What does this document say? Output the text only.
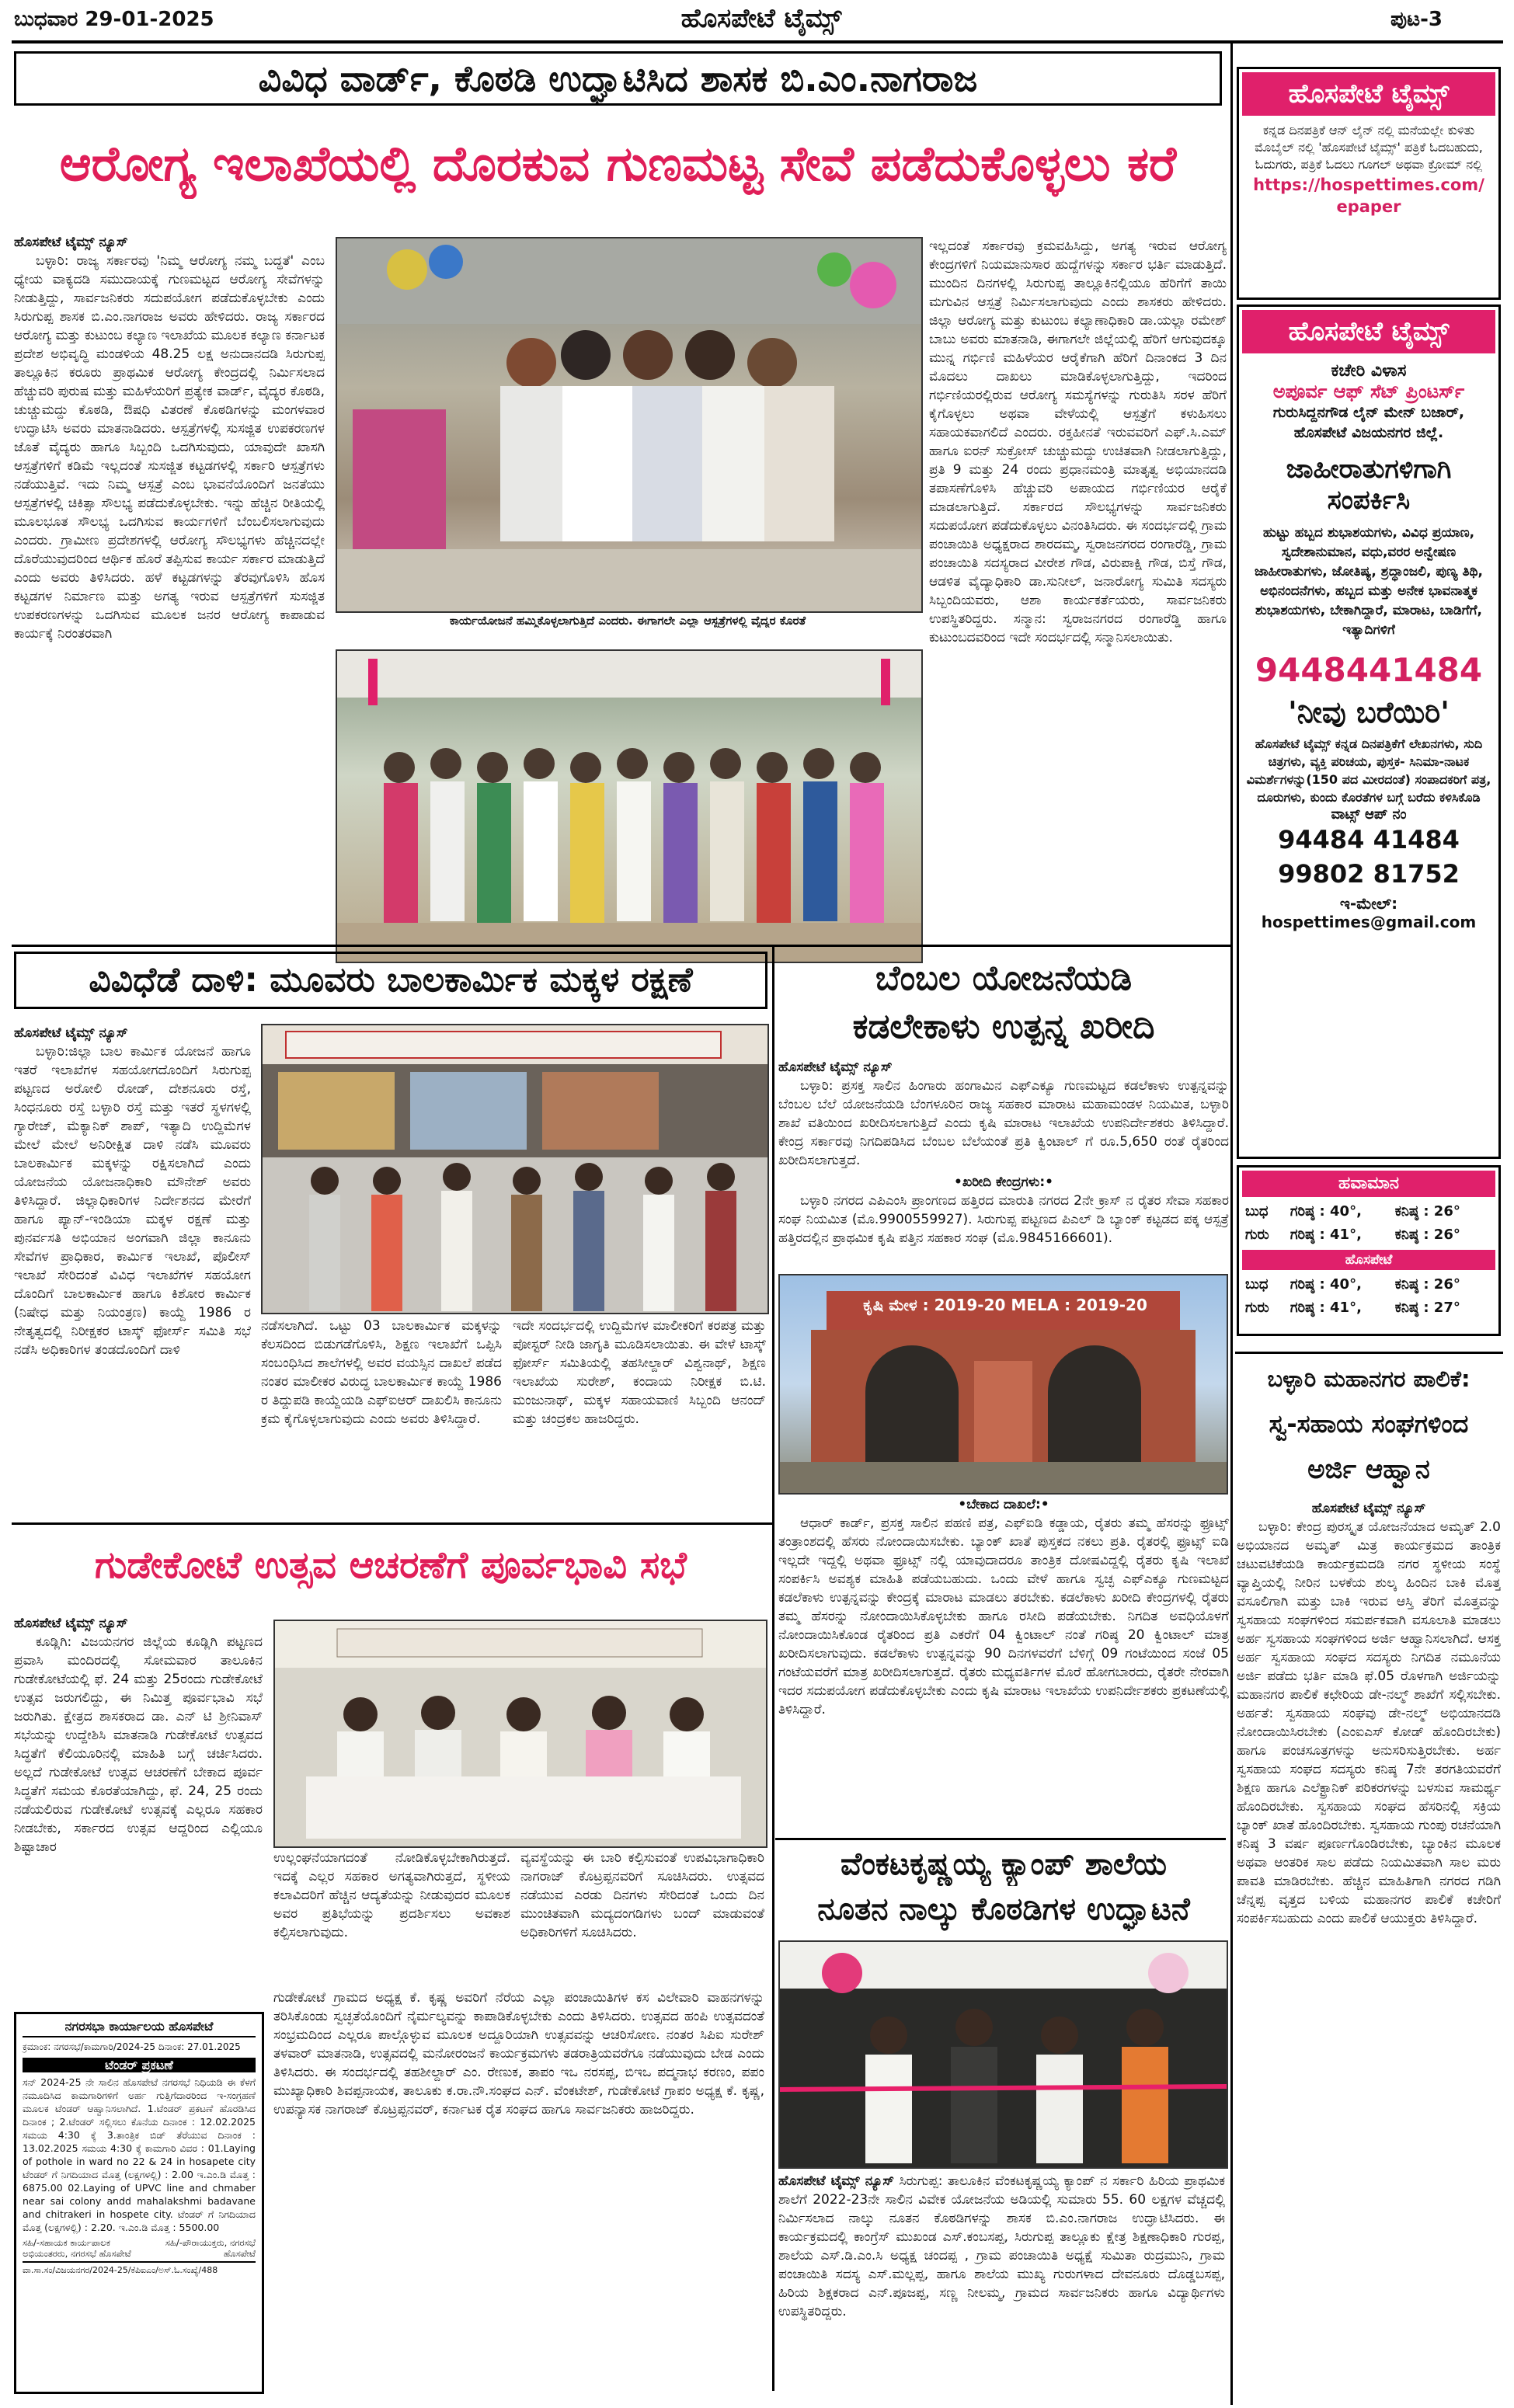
ಬುಧವಾರ 29-01-2025	ಹೊಸಪೇಟೆ ಟೈಮ್ಸ್	ಪುಟ-3
ವಿವಿಧ ವಾರ್ಡ್, ಕೊಠಡಿ ಉದ್ಘಾಟಿಸಿದ ಶಾಸಕ ಬಿ.ಎಂ.ನಾಗರಾಜ
ಆರೋಗ್ಯ ಇಲಾಖೆಯಲ್ಲಿ ದೊರಕುವ ಗುಣಮಟ್ಟ ಸೇವೆ ಪಡೆದುಕೊಳ್ಳಲು ಕರೆ
ಹೊಸಪೇಟೆ ಟೈಮ್ಸ್ ನ್ಯೂಸ್

ಬಳ್ಳಾರಿ: ರಾಜ್ಯ ಸರ್ಕಾರವು 'ನಿಮ್ಮ ಆರೋಗ್ಯ ನಮ್ಮ ಬದ್ಧತೆ' ಎಂಬ ಧ್ಯೇಯ ವಾಕ್ಯದಡಿ ಸಮುದಾಯಕ್ಕೆ ಗುಣಮಟ್ಟದ ಆರೋಗ್ಯ ಸೇವೆಗಳನ್ನು ನೀಡುತ್ತಿದ್ದು, ಸಾರ್ವಜನಿಕರು ಸದುಪಯೋಗ ಪಡೆದುಕೊಳ್ಳಬೇಕು ಎಂದು ಸಿರುಗುಪ್ಪ ಶಾಸಕ ಬಿ.ಎಂ.ನಾಗರಾಜ ಅವರು ಹೇಳಿದರು. ರಾಜ್ಯ ಸರ್ಕಾರದ ಆರೋಗ್ಯ ಮತ್ತು ಕುಟುಂಬ ಕಲ್ಯಾಣ ಇಲಾಖೆಯ ಮೂಲಕ ಕಲ್ಯಾಣ ಕರ್ನಾಟಕ ಪ್ರದೇಶ ಅಭಿವೃದ್ಧಿ ಮಂಡಳಿಯ 48.25 ಲಕ್ಷ ಅನುದಾನದಡಿ ಸಿರುಗುಪ್ಪ ತಾಲ್ಲೂಕಿನ ಕರೂರು ಪ್ರಾಥಮಿಕ ಆರೋಗ್ಯ ಕೇಂದ್ರದಲ್ಲಿ ನಿರ್ಮಿಸಲಾದ ಹೆಚ್ಚುವರಿ ಪುರುಷ ಮತ್ತು ಮಹಿಳೆಯರಿಗೆ ಪ್ರತ್ಯೇಕ ವಾರ್ಡ್, ವೈದ್ಯರ ಕೊಠಡಿ, ಚುಚ್ಚುಮದ್ದು ಕೊಠಡಿ, ಔಷಧಿ ವಿತರಣೆ ಕೊಠಡಿಗಳನ್ನು ಮಂಗಳವಾರ ಉದ್ಘಾಟಿಸಿ ಅವರು ಮಾತನಾಡಿದರು. ಆಸ್ಪತ್ರೆಗಳಲ್ಲಿ ಸುಸಜ್ಜಿತ ಉಪಕರಣಗಳ ಜೊತೆ ವೈದ್ಯರು ಹಾಗೂ ಸಿಬ್ಬಂದಿ ಒದಗಿಸುವುದು, ಯಾವುದೇ ಖಾಸಗಿ ಆಸ್ಪತ್ರೆಗಳಿಗೆ ಕಡಿಮೆ ಇಲ್ಲದಂತೆ ಸುಸಜ್ಜಿತ ಕಟ್ಟಡಗಳಲ್ಲಿ ಸರ್ಕಾರಿ ಆಸ್ಪತ್ರೆಗಳು ನಡೆಯುತ್ತಿವೆ. ಇದು ನಿಮ್ಮ ಆಸ್ಪತ್ರೆ ಎಂಬ ಭಾವನೆಯೊಂದಿಗೆ ಜನತೆಯು ಆಸ್ಪತ್ರೆಗಳಲ್ಲಿ ಚಿಕಿತ್ಸಾ ಸೌಲಭ್ಯ ಪಡೆದುಕೊಳ್ಳಬೇಕು. ಇನ್ನು ಹೆಚ್ಚಿನ ರೀತಿಯಲ್ಲಿ ಮೂಲಭೂತ ಸೌಲಭ್ಯ ಒದಗಿಸುವ ಕಾರ್ಯಗಳಿಗೆ ಬೆಂಬಲಿಸಲಾಗುವುದು ಎಂದರು. ಗ್ರಾಮೀಣ ಪ್ರದೇಶಗಳಲ್ಲಿ ಆರೋಗ್ಯ ಸೌಲಭ್ಯಗಳು ಹೆಚ್ಚಿನದಲ್ಲೇ ದೊರೆಯುವುದರಿಂದ ಆರ್ಥಿಕ ಹೊರೆ ತಪ್ಪಿಸುವ ಕಾರ್ಯ ಸರ್ಕಾರ ಮಾಡುತ್ತಿದೆ ಎಂದು ಅವರು ತಿಳಿಸಿದರು. ಹಳೆ ಕಟ್ಟಡಗಳನ್ನು ತೆರವುಗೊಳಿಸಿ ಹೊಸ ಕಟ್ಟಡಗಳ ನಿರ್ಮಾಣ ಮತ್ತು ಅಗತ್ಯ ಇರುವ ಆಸ್ಪತ್ರೆಗಳಿಗೆ ಸುಸಜ್ಜಿತ ಉಪಕರಣಗಳನ್ನು ಒದಗಿಸುವ ಮೂಲಕ ಜನರ ಆರೋಗ್ಯ ಕಾಪಾಡುವ ಕಾರ್ಯಕ್ಕೆ ನಿರಂತರವಾಗಿ

ಕಾರ್ಯಯೋಜನೆ ಹಮ್ಮಿಕೊಳ್ಳಲಾಗುತ್ತಿದೆ ಎಂದರು. ಈಗಾಗಲೇ ಎಲ್ಲಾ ಆಸ್ಪತ್ರೆಗಳಲ್ಲಿ ವೈದ್ಯರ ಕೊರತೆ
ಇಲ್ಲದಂತೆ ಸರ್ಕಾರವು ಕ್ರಮವಹಿಸಿದ್ದು, ಅಗತ್ಯ ಇರುವ ಆರೋಗ್ಯ ಕೇಂದ್ರಗಳಿಗೆ ನಿಯಮಾನುಸಾರ ಹುದ್ದೆಗಳನ್ನು ಸರ್ಕಾರ ಭರ್ತಿ ಮಾಡುತ್ತಿದೆ. ಮುಂದಿನ ದಿನಗಳಲ್ಲಿ ಸಿರುಗುಪ್ಪ ತಾಲ್ಲೂಕಿನಲ್ಲಿಯೂ ಹೆರಿಗೆಗೆ ತಾಯಿ ಮಗುವಿನ ಆಸ್ಪತ್ರೆ ನಿರ್ಮಿಸಲಾಗುವುದು ಎಂದು ಶಾಸಕರು ಹೇಳಿದರು. ಜಿಲ್ಲಾ ಆರೋಗ್ಯ ಮತ್ತು ಕುಟುಂಬ ಕಲ್ಯಾಣಾಧಿಕಾರಿ ಡಾ.ಯಲ್ಲಾ ರಮೇಶ್ ಬಾಬು ಅವರು ಮಾತನಾಡಿ, ಈಗಾಗಲೇ ಜಿಲ್ಲೆಯಲ್ಲಿ ಹೆರಿಗೆ ಆಗುವುದಕ್ಕೂ ಮುನ್ನ ಗರ್ಭಿಣಿ ಮಹಿಳೆಯರ ಆರೈಕೆಗಾಗಿ ಹೆರಿಗೆ ದಿನಾಂಕದ 3 ದಿನ ಮೊದಲು ದಾಖಲು ಮಾಡಿಕೊಳ್ಳಲಾಗುತ್ತಿದ್ದು, ಇದರಿಂದ ಗರ್ಭಿಣಿಯರಲ್ಲಿರುವ ಆರೋಗ್ಯ ಸಮಸ್ಯೆಗಳನ್ನು ಗುರುತಿಸಿ ಸರಳ ಹೆರಿಗೆ ಕೈಗೊಳ್ಳಲು ಅಥವಾ ವೇಳೆಯಲ್ಲಿ ಆಸ್ಪತ್ರೆಗೆ ಕಳುಹಿಸಲು ಸಹಾಯಕವಾಗಲಿದೆ ಎಂದರು. ರಕ್ತಹೀನತೆ ಇರುವವರಿಗೆ ಎಫ್.ಸಿ.ಎಮ್ ಹಾಗೂ ಐರನ್ ಸುಕ್ರೋಸ್ ಚುಚ್ಚುಮದ್ದು ಉಚಿತವಾಗಿ ನೀಡಲಾಗುತ್ತಿದ್ದು, ಪ್ರತಿ 9 ಮತ್ತು 24 ರಂದು ಪ್ರಧಾನಮಂತ್ರಿ ಮಾತೃತ್ವ ಅಭಿಯಾನದಡಿ ತಪಾಸಣೆಗೊಳಿಸಿ ಹೆಚ್ಚುವರಿ ಅಪಾಯದ ಗರ್ಭಿಣಿಯರ ಆರೈಕೆ ಮಾಡಲಾಗುತ್ತಿದೆ. ಸರ್ಕಾರದ ಸೌಲಭ್ಯಗಳನ್ನು ಸಾರ್ವಜನಿಕರು ಸದುಪಯೋಗ ಪಡೆದುಕೊಳ್ಳಲು ವಿನಂತಿಸಿದರು. ಈ ಸಂದರ್ಭದಲ್ಲಿ ಗ್ರಾಮ ಪಂಚಾಯಿತಿ ಅಧ್ಯಕ್ಷರಾದ ಶಾರದಮ್ಮ, ಸ್ವರಾಜನಗರದ ರಂಗಾರೆಡ್ಡಿ, ಗ್ರಾಮ ಪಂಚಾಯಿತಿ ಸದಸ್ಯರಾದ ವೀರೇಶ ಗೌಡ, ವಿರುಪಾಕ್ಷಿ ಗೌಡ, ಬಿಸ್ತೆ ಗೌಡ, ಆಡಳಿತ ವೈದ್ಯಾಧಿಕಾರಿ ಡಾ.ಸುನೀಲ್, ಜನಾರೋಗ್ಯ ಸುಮಿತಿ ಸದಸ್ಯರು ಸಿಬ್ಬಂದಿಯವರು, ಆಶಾ ಕಾರ್ಯಕರ್ತೆಯರು, ಸಾರ್ವಜನಿಕರು ಉಪಸ್ಥಿತರಿದ್ದರು. ಸನ್ಮಾನ: ಸ್ವರಾಜನಗರದ ರಂಗಾರೆಡ್ಡಿ ಹಾಗೂ ಕುಟುಂಬದವರಿಂದ ಇದೇ ಸಂದರ್ಭದಲ್ಲಿ ಸನ್ಮಾನಿಸಲಾಯಿತು.
ವಿವಿಧೆಡೆ ದಾಳಿ: ಮೂವರು ಬಾಲಕಾರ್ಮಿಕ ಮಕ್ಕಳ ರಕ್ಷಣೆ
ಹೊಸಪೇಟೆ ಟೈಮ್ಸ್ ನ್ಯೂಸ್

ಬಳ್ಳಾರಿ:ಜಿಲ್ಲಾ ಬಾಲ ಕಾರ್ಮಿಕ ಯೋಜನೆ ಹಾಗೂ ಇತರೆ ಇಲಾಖೆಗಳ ಸಹಯೋಗದೊಂದಿಗೆ ಸಿರುಗುಪ್ಪ ಪಟ್ಟಣದ ಅರೋಲಿ ರೋಡ್, ದೇಶನೂರು ರಸ್ತೆ, ಸಿಂಧನೂರು ರಸ್ತೆ ಬಳ್ಳಾರಿ ರಸ್ತೆ ಮತ್ತು ಇತರೆ ಸ್ಥಳಗಳಲ್ಲಿ ಗ್ಯಾರೇಜ್, ಮೆಕ್ಯಾನಿಕ್ ಶಾಪ್, ಇತ್ಯಾದಿ ಉದ್ದಿಮೆಗಳ ಮೇಲೆ ಮೇಲೆ ಅನಿರೀಕ್ಷಿತ ದಾಳಿ ನಡೆಸಿ ಮೂವರು ಬಾಲಕಾರ್ಮಿಕ ಮಕ್ಕಳನ್ನು ರಕ್ಷಿಸಲಾಗಿದೆ ಎಂದು ಯೋಜನೆಯ ಯೋಜನಾಧಿಕಾರಿ ಮೌನೇಶ್ ಅವರು ತಿಳಿಸಿದ್ದಾರೆ. ಜಿಲ್ಲಾಧಿಕಾರಿಗಳ ನಿರ್ದೇಶನದ ಮೇರೆಗೆ ಹಾಗೂ ಪ್ಯಾನ್-ಇಂಡಿಯಾ ಮಕ್ಕಳ ರಕ್ಷಣೆ ಮತ್ತು ಪುನರ್ವಸತಿ ಅಭಿಯಾನ ಅಂಗವಾಗಿ ಜಿಲ್ಲಾ ಕಾನೂನು ಸೇವೆಗಳ ಪ್ರಾಧಿಕಾರ, ಕಾರ್ಮಿಕ ಇಲಾಖೆ, ಪೊಲೀಸ್ ಇಲಾಖೆ ಸೇರಿದಂತೆ ವಿವಿಧ ಇಲಾಖೆಗಳ ಸಹಯೋಗ ದೊಂದಿಗೆ ಬಾಲಕಾರ್ಮಿಕ ಹಾಗೂ ಕಿಶೋರ ಕಾರ್ಮಿಕ (ನಿಷೇಧ ಮತ್ತು ನಿಯಂತ್ರಣ) ಕಾಯ್ದೆ 1986 ರ ನೇತೃತ್ವದಲ್ಲಿ ನಿರೀಕ್ಷಕರ ಟಾಸ್ಕ್ ಫೋರ್ಸ್ ಸಮಿತಿ ಸಭೆ ನಡೆಸಿ ಅಧಿಕಾರಿಗಳ ತಂಡದೊಂದಿಗೆ ದಾಳಿ

ನಡೆಸಲಾಗಿದೆ. ಒಟ್ಟು 03 ಬಾಲಕಾರ್ಮಿಕ ಮಕ್ಕಳನ್ನು ಕೆಲಸದಿಂದ ಬಿಡುಗಡೆಗೊಳಿಸಿ, ಶಿಕ್ಷಣ ಇಲಾಖೆಗೆ ಒಪ್ಪಿಸಿ ಸಂಬಂಧಿಸಿದ ಶಾಲೆಗಳಲ್ಲಿ ಅವರ ವಯಸ್ಸಿನ ದಾಖಲೆ ಪಡೆದ ನಂತರ ಮಾಲೀಕರ ವಿರುದ್ಧ ಬಾಲಕಾರ್ಮಿಕ ಕಾಯ್ದೆ 1986 ರ ತಿದ್ದುಪಡಿ ಕಾಯ್ದೆಯಡಿ ಎಫ್ಐಆರ್ ದಾಖಲಿಸಿ ಕಾನೂನು ಕ್ರಮ ಕೈಗೊಳ್ಳಲಾಗುವುದು ಎಂದು ಅವರು ತಿಳಿಸಿದ್ದಾರೆ.
ಇದೇ ಸಂದರ್ಭದಲ್ಲಿ ಉದ್ದಿಮೆಗಳ ಮಾಲೀಕರಿಗೆ ಕರಪತ್ರ ಮತ್ತು ಪೋಸ್ಟರ್ ನೀಡಿ ಜಾಗೃತಿ ಮೂಡಿಸಲಾಯಿತು. ಈ ವೇಳೆ ಟಾಸ್ಕ್ ಫೋರ್ಸ್ ಸಮಿತಿಯಲ್ಲಿ ತಹಸೀಲ್ದಾರ್ ವಿಶ್ವನಾಥ್, ಶಿಕ್ಷಣ ಇಲಾಖೆಯ ಸುರೇಶ್, ಕಂದಾಯ ನಿರೀಕ್ಷಕ ಬಿ.ಟಿ. ಮಂಜುನಾಥ್, ಮಕ್ಕಳ ಸಹಾಯವಾಣಿ ಸಿಬ್ಬಂದಿ ಆನಂದ್ ಮತ್ತು ಚಂದ್ರಕಲ ಹಾಜರಿದ್ದರು.
ಬೆಂಬಲ ಯೋಜನೆಯಡಿ
ಕಡಲೇಕಾಳು ಉತ್ಪನ್ನ ಖರೀದಿ
ಹೊಸಪೇಟೆ ಟೈಮ್ಸ್ ನ್ಯೂಸ್

ಬಳ್ಳಾರಿ: ಪ್ರಸಕ್ತ ಸಾಲಿನ ಹಿಂಗಾರು ಹಂಗಾಮಿನ ಎಫ್ಎಕ್ಯೂ ಗುಣಮಟ್ಟದ ಕಡಲೆಕಾಳು ಉತ್ಪನ್ನವನ್ನು ಬೆಂಬಲ ಬೆಲೆ ಯೋಜನೆಯಡಿ ಬೆಂಗಳೂರಿನ ರಾಜ್ಯ ಸಹಕಾರ ಮಾರಾಟ ಮಹಾಮಂಡಳ ನಿಯಮಿತ, ಬಳ್ಳಾರಿ ಶಾಖೆ ವತಿಯಿಂದ ಖರೀದಿಸಲಾಗುತ್ತಿದೆ ಎಂದು ಕೃಷಿ ಮಾರಾಟ ಇಲಾಖೆಯ ಉಪನಿರ್ದೇಶಕರು ತಿಳಿಸಿದ್ದಾರೆ. ಕೇಂದ್ರ ಸರ್ಕಾರವು ನಿಗದಿಪಡಿಸಿದ ಬೆಂಬಲ ಬೆಲೆಯಂತೆ ಪ್ರತಿ ಕ್ವಿಂಟಾಲ್ ಗೆ ರೂ.5,650 ರಂತೆ ರೈತರಿಂದ ಖರೀದಿಸಲಾಗುತ್ತದೆ.

•ಖರೀದಿ ಕೇಂದ್ರಗಳು:•

ಬಳ್ಳಾರಿ ನಗರದ ಎಪಿಎಂಸಿ ಪ್ರಾಂಗಣದ ಹತ್ತಿರದ ಮಾರುತಿ ನಗರದ 2ನೇ ಕ್ರಾಸ್ ನ ರೈತರ ಸೇವಾ ಸಹಕಾರ ಸಂಘ ನಿಯಮಿತ (ಮೊ.9900559927). ಸಿರುಗುಪ್ಪ ಪಟ್ಟಣದ ಪಿಎಲ್ ಡಿ ಬ್ಯಾಂಕ್ ಕಟ್ಟಡದ ಪಕ್ಕ ಆಸ್ಪತ್ರೆ ಹತ್ತಿರದಲ್ಲಿನ ಪ್ರಾಥಮಿಕ ಕೃಷಿ ಪತ್ತಿನ ಸಹಕಾರ ಸಂಘ (ಮೊ.9845166601).

ಕೃಷಿ ಮೇಳ : 2019-20 MELA : 2019-20
•ಬೇಕಾದ ದಾಖಲೆ:•

ಆಧಾರ್ ಕಾರ್ಡ್, ಪ್ರಸಕ್ತ ಸಾಲಿನ ಪಹಣಿ ಪತ್ರ, ಎಫ್ಐಡಿ ಕಡ್ಡಾಯ, ರೈತರು ತಮ್ಮ ಹೆಸರನ್ನು ಫ್ರೂಟ್ಸ್ ತಂತ್ರಾಂಶದಲ್ಲಿ ಹೆಸರು ನೋಂದಾಯಿಸಬೇಕು. ಬ್ಯಾಂಕ್ ಖಾತೆ ಪುಸ್ತಕದ ನಕಲು ಪ್ರತಿ. ರೈತರಲ್ಲಿ ಫ್ರೂಟ್ಸ್ ಐಡಿ ಇಲ್ಲದೇ ಇದ್ದಲ್ಲಿ ಅಥವಾ ಫ್ರೂಟ್ಸ್ ನಲ್ಲಿ ಯಾವುದಾದರೂ ತಾಂತ್ರಿಕ ದೋಷವಿದ್ದಲ್ಲಿ ರೈತರು ಕೃಷಿ ಇಲಾಖೆ ಸಂಪರ್ಕಿಸಿ ಅವಶ್ಯಕ ಮಾಹಿತಿ ಪಡೆಯಬಹುದು. ಒಂದು ವೇಳೆ ಹಾಗೂ ಸ್ವಚ್ಛ ಎಫ್ಎಕ್ಯೂ ಗುಣಮಟ್ಟದ ಕಡಲೆಕಾಳು ಉತ್ಪನ್ನವನ್ನು ಕೇಂದ್ರಕ್ಕೆ ಮಾರಾಟ ಮಾಡಲು ತರಬೇಕು. ಕಡಲೆಕಾಳು ಖರೀದಿ ಕೇಂದ್ರಗಳಲ್ಲಿ ರೈತರು ತಮ್ಮ ಹೆಸರನ್ನು ನೋಂದಾಯಿಸಿಕೊಳ್ಳಬೇಕು ಹಾಗೂ ರಸೀದಿ ಪಡೆಯಬೇಕು. ನಿಗದಿತ ಅವಧಿಯೊಳಗೆ ನೋಂದಾಯಿಸಿಕೊಂಡ ರೈತರಿಂದ ಪ್ರತಿ ಎಕರೆಗೆ 04 ಕ್ವಿಂಟಾಲ್ ನಂತೆ ಗರಿಷ್ಠ 20 ಕ್ವಿಂಟಾಲ್ ಮಾತ್ರ ಖರೀದಿಸಲಾಗುವುದು. ಕಡಲೆಕಾಳು ಉತ್ಪನ್ನವನ್ನು 90 ದಿನಗಳವರೆಗೆ ಬೆಳಿಗ್ಗೆ 09 ಗಂಟೆಯಿಂದ ಸಂಜೆ 05 ಗಂಟೆಯವರೆಗೆ ಮಾತ್ರ ಖರೀದಿಸಲಾಗುತ್ತದೆ. ರೈತರು ಮಧ್ಯವರ್ತಿಗಳ ಮೊರೆ ಹೋಗಬಾರದು, ರೈತರೇ ನೇರವಾಗಿ ಇದರ ಸದುಪಯೋಗ ಪಡೆದುಕೊಳ್ಳಬೇಕು ಎಂದು ಕೃಷಿ ಮಾರಾಟ ಇಲಾಖೆಯ ಉಪನಿರ್ದೇಶಕರು ಪ್ರಕಟಣೆಯಲ್ಲಿ ತಿಳಿಸಿದ್ದಾರೆ.

ಗುಡೇಕೋಟೆ ಉತ್ಸವ ಆಚರಣೆಗೆ ಪೂರ್ವಭಾವಿ ಸಭೆ
ಹೊಸಪೇಟೆ ಟೈಮ್ಸ್ ನ್ಯೂಸ್

ಕೂಡ್ಲಿಗಿ: ವಿಜಯನಗರ ಜಿಲ್ಲೆಯ ಕೂಡ್ಲಿಗಿ ಪಟ್ಟಣದ ಪ್ರವಾಸಿ ಮಂದಿರದಲ್ಲಿ ಸೋಮವಾರ ತಾಲೂಕಿನ ಗುಡೇಕೋಟೆಯಲ್ಲಿ ಫೆ. 24 ಮತ್ತು 25ರಂದು ಗುಡೇಕೋಟೆ ಉತ್ಸವ ಜರುಗಲಿದ್ದು, ಈ ನಿಮಿತ್ತ ಪೂರ್ವಭಾವಿ ಸಭೆ ಜರುಗಿತು. ಕ್ಷೇತ್ರದ ಶಾಸಕರಾದ ಡಾ. ಎನ್ ಟಿ ಶ್ರೀನಿವಾಸ್ ಸಭೆಯನ್ನು ಉದ್ದೇಶಿಸಿ ಮಾತನಾಡಿ ಗುಡೇಕೋಟೆ ಉತ್ಸವದ ಸಿದ್ಧತೆಗೆ ಕೆಲಿಯೂರಿನಲ್ಲಿ ಮಾಹಿತಿ ಬಗ್ಗೆ ಚರ್ಚಿಸಿದರು. ಅಲ್ಲದೆ ಗುಡೇಕೋಟೆ ಉತ್ಸವ ಆಚರಣೆಗೆ ಬೇಕಾದ ಪೂರ್ವ ಸಿದ್ಧತೆಗೆ ಸಮಯ ಕೊರತೆಯಾಗಿದ್ದು, ಫೆ. 24, 25 ರಂದು ನಡೆಯಲಿರುವ ಗುಡೇಕೋಟೆ ಉತ್ಸವಕ್ಕೆ ಎಲ್ಲರೂ ಸಹಕಾರ ನೀಡಬೇಕು, ಸರ್ಕಾರದ ಉತ್ಸವ ಆದ್ದರಿಂದ ಎಲ್ಲಿಯೂ ಶಿಷ್ಟಾಚಾರ

ಉಲ್ಲಂಘನೆಯಾಗದಂತೆ ನೋಡಿಕೊಳ್ಳಬೇಕಾಗಿರುತ್ತದೆ. ಇದಕ್ಕೆ ಎಲ್ಲರ ಸಹಕಾರ ಅಗತ್ಯವಾಗಿರುತ್ತದೆ, ಸ್ಥಳೀಯ ಕಲಾವಿದರಿಗೆ ಹೆಚ್ಚಿನ ಆದ್ಯತೆಯನ್ನು ನೀಡುವುದರ ಮೂಲಕ ಅವರ ಪ್ರತಿಭೆಯನ್ನು ಪ್ರದರ್ಶಿಸಲು ಅವಕಾಶ ಕಲ್ಪಿಸಲಾಗುವುದು.
ವ್ಯವಸ್ಥೆಯನ್ನು ಈ ಬಾರಿ ಕಲ್ಪಿಸುವಂತೆ ಉಪವಿಭಾಗಾಧಿಕಾರಿ ನಾಗರಾಜ್ ಕೊಟ್ರಪ್ಪನವರಿಗೆ ಸೂಚಿಸಿದರು. ಉತ್ಸವದ ನಡೆಯುವ ಎರಡು ದಿನಗಳು ಸೇರಿದಂತೆ ಒಂದು ದಿನ ಮುಂಚಿತವಾಗಿ ಮದ್ಯದಂಗಡಿಗಳು ಬಂದ್ ಮಾಡುವಂತೆ ಅಧಿಕಾರಿಗಳಿಗೆ ಸೂಚಿಸಿದರು.
ಗುಡೇಕೋಟೆ ಗ್ರಾಮದ ಅಧ್ಯಕ್ಷ ಕೆ. ಕೃಷ್ಣ ಅವರಿಗೆ ನೆರೆಯ ಎಲ್ಲಾ ಪಂಚಾಯಿತಿಗಳ ಕಸ ವಿಲೇವಾರಿ ವಾಹನಗಳನ್ನು ತರಿಸಿಕೊಂಡು ಸ್ವಚ್ಛತೆಯೊಂದಿಗೆ ನೈರ್ಮಲ್ಯವನ್ನು ಕಾಪಾಡಿಕೊಳ್ಳಬೇಕು ಎಂದು ತಿಳಿಸಿದರು. ಉತ್ಸವದ ಹಂಪಿ ಉತ್ಸವದಂತೆ ಸಂಭ್ರಮದಿಂದ ಎಲ್ಲರೂ ಪಾಲ್ಗೊಳ್ಳುವ ಮೂಲಕ ಅದ್ದೂರಿಯಾಗಿ ಉತ್ಸವವನ್ನು ಆಚರಿಸೋಣ. ನಂತರ ಸಿಪಿಐ ಸುರೇಶ್ ತಳವಾರ್ ಮಾತನಾಡಿ, ಉತ್ಸವದಲ್ಲಿ ಮನೋರಂಜನೆ ಕಾರ್ಯಕ್ರಮಗಳು ತಡರಾತ್ರಿಯವರೆಗೂ ನಡೆಯುವುದು ಬೇಡ ಎಂದು ತಿಳಿಸಿದರು. ಈ ಸಂದರ್ಭದಲ್ಲಿ ತಹಶೀಲ್ದಾರ್ ಎಂ. ರೇಣುಕ, ತಾಪಂ ಇಒ ನರಸಪ್ಪ, ಬಿಇಒ ಪದ್ಮನಾಭ ಕರಣಂ, ಪಪಂ ಮುಖ್ಯಾಧಿಕಾರಿ ಶಿವಪ್ಪನಾಯಕ, ತಾಲೂಕು ಕ.ರಾ.ನೌ.ಸಂಘದ ಎನ್. ವೆಂಕಟೇಶ್, ಗುಡೇಕೋಟೆ ಗ್ರಾಪಂ ಅಧ್ಯಕ್ಷ ಕೆ. ಕೃಷ್ಣ, ಉಪನ್ಯಾಸಕ ನಾಗರಾಜ್ ಕೊಟ್ರಪ್ಪನವರ್, ಕರ್ನಾಟಕ ರೈತ ಸಂಘದ ಹಾಗೂ ಸಾರ್ವಜನಿಕರು ಹಾಜರಿದ್ದರು.
ನಗರಸಭಾ ಕಾರ್ಯಾಲಯ ಹೊಸಪೇಟೆ
ಕ್ರಮಾಂಕ: ನಗರಸಭೆ/ಕಾಮಗಾರಿ/2024-25 ದಿನಾಂಕ: 27.01.2025
ಟೆಂಡರ್ ಪ್ರಕಟಣೆ
ಸನ್ 2024-25 ನೇ ಸಾಲಿನ ಹೊಸಪೇಟೆ ನಗರಸಭೆ ನಿಧಿಯಡಿ ಈ ಕೆಳಗೆ ನಮೂದಿಸಿದ ಕಾಮಗಾರಿಗಳಿಗೆ ಅರ್ಹ ಗುತ್ತಿಗೆದಾರರಿಂದ ಇ-ಸಂಗ್ರಹಣೆ ಮೂಲಕ ಟೆಂಡರ್ ಆಹ್ವಾನಿಸಲಾಗಿದೆ. 1.ಟೆಂಡರ್ ಪ್ರಕಟಣೆ ಹೊರಡಿಸಿದ ದಿನಾಂಕ ; 2.ಟೆಂಡರ್ ಸಲ್ಲಿಸಲು ಕೊನೆಯ ದಿನಾಂಕ : 12.02.2025 ಸಮಯ 4:30 ಕ್ಕೆ 3.ತಾಂತ್ರಿಕ ಬಿಡ್ ತೆರೆಯುವ ದಿನಾಂಕ : 13.02.2025 ಸಮಯ 4:30 ಕ್ಕೆ ಕಾಮಗಾರಿ ವಿವರ : 01.Laying of pothole in ward no 22 & 24 in hosapete city ಟೆಂಡರ್ ಗೆ ನಿಗದಿಯಾದ ಮೊತ್ತ (ಲಕ್ಷಗಳಲ್ಲಿ) : 2.00 ಇ.ಎಂ.ಡಿ ಮೊತ್ತ : 6875.00 02.Laying of UPVC line and chmaber near sai colony andd mahalakshmi badavane and chitrakeri in hospete city. ಟೆಂಡರ್ ಗೆ ನಿಗದಿಯಾದ ಮೊತ್ತ (ಲಕ್ಷಗಳಲ್ಲಿ) : 2.20. ಇ.ಎಂ.ಡಿ ಮೊತ್ತ : 5500.00
ಸಹಿ/-ಸಹಾಯಕ ಕಾರ್ಯಪಾಲಕ ಅಭಿಯಂತರರು, ನಗರಸಭೆ ಹೊಸಪೇಟೆ
ಸಹಿ/-ಪೌರಾಯುಕ್ತರು, ನಗರಸಭೆ ಹೊಸಪೇಟೆ
ವಾ.ಸಾ.ಸಂ/ವಿಜಯನಗರ/2024-25/ಕೆಪಿಐಎಂ/ಅಸ್.ಓ.ಸಂಖ್ಯೆ/488
ವೆಂಕಟಕೃಷ್ಣಯ್ಯ ಕ್ಯಾಂಪ್ ಶಾಲೆಯ
ನೂತನ ನಾಲ್ಕು ಕೊಠಡಿಗಳ ಉದ್ಘಾಟನೆ
ಹೊಸಪೇಟೆ ಟೈಮ್ಸ್ ನ್ಯೂಸ್ ಸಿರುಗುಪ್ಪ: ತಾಲೂಕಿನ ವೆಂಕಟಕೃಷ್ಣಯ್ಯ ಕ್ಯಾಂಪ್ ನ ಸರ್ಕಾರಿ ಹಿರಿಯ ಪ್ರಾಥಮಿಕ ಶಾಲೆಗೆ 2022-23ನೇ ಸಾಲಿನ ವಿವೇಕ ಯೋಜನೆಯ ಅಡಿಯಲ್ಲಿ ಸುಮಾರು 55. 60 ಲಕ್ಷಗಳ ವೆಚ್ಚದಲ್ಲಿ ನಿರ್ಮಿಸಲಾದ ನಾಲ್ಕು ನೂತನ ಕೊಠಡಿಗಳನ್ನು ಶಾಸಕ ಬಿ.ಎಂ.ನಾಗರಾಜ ಉದ್ಘಾಟಿಸಿದರು. ಈ ಕಾರ್ಯಕ್ರಮದಲ್ಲಿ ಕಾಂಗ್ರೆಸ್ ಮುಖಂಡ ಎಸ್.ಕಂಬಸಪ್ಪ, ಸಿರುಗುಪ್ಪ ತಾಲ್ಲೂಕು ಕ್ಷೇತ್ರ ಶಿಕ್ಷಣಾಧಿಕಾರಿ ಗುರಪ್ಪ, ಶಾಲೆಯ ಎಸ್.ಡಿ.ಎಂ.ಸಿ ಅಧ್ಯಕ್ಷ ಚಂದಪ್ಪ , ಗ್ರಾಮ ಪಂಚಾಯಿತಿ ಅಧ್ಯಕ್ಷೆ ಸುಮಿತಾ ರುದ್ರಮುನಿ, ಗ್ರಾಮ ಪಂಚಾಯಿತಿ ಸದಸ್ಯ ಎಸ್.ಮಲ್ಲಪ್ಪ, ಹಾಗೂ ಶಾಲೆಯ ಮುಖ್ಯ ಗುರುಗಳಾದ ದೇವನೂರು ದೊಡ್ಡಬಸಪ್ಪ, ಹಿರಿಯ ಶಿಕ್ಷಕರಾದ ಎನ್.ಪೂಜಪ್ಪ, ಸಣ್ಣ ನೀಲಮ್ಮ, ಗ್ರಾಮದ ಸಾರ್ವಜನಿಕರು ಹಾಗೂ ವಿದ್ಯಾರ್ಥಿಗಳು ಉಪಸ್ಥಿತರಿದ್ದರು.
ಹೊಸಪೇಟೆ ಟೈಮ್ಸ್
ಕನ್ನಡ ದಿನಪತ್ರಿಕೆ ಆನ್ ಲೈನ್ ನಲ್ಲಿ ಮನೆಯಲ್ಲೇ ಕುಳಿತು ಮೊಬೈಲ್ ನಲ್ಲಿ 'ಹೊಸಪೇಟೆ ಟೈಮ್ಸ್' ಪತ್ರಿಕೆ ಓದಬಹುದು, ಓದುಗರು, ಪತ್ರಿಕೆ ಓದಲು ಗೂಗಲ್ ಅಥವಾ ಕ್ರೋಮ್ ನಲ್ಲಿ
https://hospettimes.com/
epaper
ಹೊಸಪೇಟೆ ಟೈಮ್ಸ್
ಕಚೇರಿ ವಿಳಾಸ
ಅಪೂರ್ವ ಆಫ್ ಸೆಟ್ ಪ್ರಿಂಟರ್ಸ್
ಗುರುಸಿದ್ದನಗೌಡ ಲೈನ್ ಮೇನ್ ಬಜಾರ್, ಹೊಸಪೇಟೆ ವಿಜಯನಗರ ಜಿಲ್ಲೆ.
ಜಾಹೀರಾತುಗಳಿಗಾಗಿ
ಸಂಪರ್ಕಿಸಿ
ಹುಟ್ಟು ಹಬ್ಬದ ಶುಭಾಶಯಗಳು, ವಿವಿಧ ಪ್ರಯಾಣ, ಸ್ವದೇಶಾನುಮಾನ, ವಧು,ವರರ ಅನ್ವೇಷಣ ಜಾಹೀರಾತುಗಳು, ಜೋತಿಷ್ಯ, ಶ್ರದ್ಧಾಂಜಲಿ, ಪುಣ್ಯ ತಿಥಿ, ಅಭಿನಂದನೆಗಳು, ಹಬ್ಬದ ಮತ್ತು ಅನೇಕ ಭಾವನಾತ್ಮಕ ಶುಭಾಶಯಗಳು, ಬೇಕಾಗಿದ್ದಾರೆ, ಮಾರಾಟ, ಬಾಡಿಗೆಗೆ, ಇತ್ಯಾದಿಗಳಿಗೆ
9448441484
'ನೀವು ಬರೆಯಿರಿ'
ಹೊಸಪೇಟೆ ಟೈಮ್ಸ್ ಕನ್ನಡ ದಿನಪತ್ರಿಕೆಗೆ ಲೇಖನಗಳು, ಸುದಿ ಚಿತ್ರಗಳು, ವ್ಯಕ್ತಿ ಪರಿಚಯ, ಪುಸ್ತಕ- ಸಿನಿಮಾ-ನಾಟಕ ವಿಮರ್ಶೆಗಳನ್ನು(150 ಪದ ಮೀರದಂತೆ) ಸಂಪಾದಕರಿಗೆ ಪತ್ರ, ದೂರುಗಳು, ಕುಂದು ಕೊರತೆಗಳ ಬಗ್ಗೆ ಬರೆದು ಕಳಿಸಿಕೊಡಿ
ವಾಟ್ಸ್ ಆಪ್ ನಂ
94484 41484
99802 81752
ಇ-ಮೇಲ್: hospettimes@gmail.com
ಹವಾಮಾನ
ಬುಧ	ಗರಿಷ್ಠ : 40°,	ಕನಿಷ್ಠ : 26°
ಗುರು	ಗರಿಷ್ಠ : 41°,	ಕನಿಷ್ಠ : 26°
ಹೊಸಪೇಟೆ
ಬುಧ	ಗರಿಷ್ಠ : 40°,	ಕನಿಷ್ಠ : 26°
ಗುರು	ಗರಿಷ್ಠ : 41°,	ಕನಿಷ್ಠ : 27°
ಬಳ್ಳಾರಿ ಮಹಾನಗರ ಪಾಲಿಕೆ:
ಸ್ವ-ಸಹಾಯ ಸಂಘಗಳಿಂದ
ಅರ್ಜಿ ಆಹ್ವಾನ
ಹೊಸಪೇಟೆ ಟೈಮ್ಸ್ ನ್ಯೂಸ್

ಬಳ್ಳಾರಿ: ಕೇಂದ್ರ ಪುರಸ್ಕೃತ ಯೋಜನೆಯಾದ ಅಮೃತ್ 2.0 ಅಭಿಯಾನದ ಅಮೃತ್ ಮಿತ್ರ ಕಾರ್ಯಕ್ರಮದ ತಾಂತ್ರಿಕ ಚಟುವಟಿಕೆಯಡಿ ಕಾರ್ಯಕ್ರಮದಡಿ ನಗರ ಸ್ಥಳೀಯ ಸಂಸ್ಥೆ ವ್ಯಾಪ್ತಿಯಲ್ಲಿ ನೀರಿನ ಬಳಕೆಯ ಶುಲ್ಕ ಹಿಂದಿನ ಬಾಕಿ ಮೊತ್ತ ವಸೂಲಿಗಾಗಿ ಮತ್ತು ಬಾಕಿ ಇರುವ ಆಸ್ತಿ ತೆರಿಗೆ ಮೊತ್ತವನ್ನು ಸ್ವಸಹಾಯ ಸಂಘಗಳಿಂದ ಸಮರ್ಪಕವಾಗಿ ವಸೂಲಾತಿ ಮಾಡಲು ಅರ್ಹ ಸ್ವಸಹಾಯ ಸಂಘಗಳಿಂದ ಅರ್ಜಿ ಆಹ್ವಾನಿಸಲಾಗಿದೆ. ಆಸಕ್ತ ಅರ್ಹ ಸ್ವಸಹಾಯ ಸಂಘದ ಸದಸ್ಯರು ನಿಗದಿತ ನಮೂನೆಯ ಅರ್ಜಿ ಪಡೆದು ಭರ್ತಿ ಮಾಡಿ ಫೆ.05 ರೊಳಗಾಗಿ ಅರ್ಜಿಯನ್ನು ಮಹಾನಗರ ಪಾಲಿಕೆ ಕಛೇರಿಯ ಡೇ-ನಲ್ಮ್ ಶಾಖೆಗೆ ಸಲ್ಲಿಸಬೇಕು. ಅರ್ಹತೆ: ಸ್ವಸಹಾಯ ಸಂಘವು ಡೇ-ನಲ್ಮ್ ಅಭಿಯಾನದಡಿ ನೋಂದಾಯಿಸಿರಬೇಕು (ಎಂಐಎಸ್ ಕೋಡ್ ಹೊಂದಿರಬೇಕು) ಹಾಗೂ ಪಂಚಸೂತ್ರಗಳನ್ನು ಅನುಸರಿಸುತ್ತಿರಬೇಕು. ಅರ್ಹ ಸ್ವಸಹಾಯ ಸಂಘದ ಸದಸ್ಯರು ಕನಿಷ್ಠ 7ನೇ ತರಗತಿಯವರೆಗೆ ಶಿಕ್ಷಣ ಹಾಗೂ ಎಲೆಕ್ಟ್ರಾನಿಕ್ ಪರಿಕರಗಳನ್ನು ಬಳಸುವ ಸಾಮರ್ಥ್ಯ ಹೊಂದಿರಬೇಕು. ಸ್ವಸಹಾಯ ಸಂಘದ ಹೆಸರಿನಲ್ಲಿ ಸಕ್ರಿಯ ಬ್ಯಾಂಕ್ ಖಾತೆ ಹೊಂದಿರಬೇಕು. ಸ್ವಸಹಾಯ ಗುಂಪು ರಚನೆಯಾಗಿ ಕನಿಷ್ಠ 3 ವರ್ಷ ಪೂರ್ಣಗೊಂಡಿರಬೇಕು, ಬ್ಯಾಂಕಿನ ಮೂಲಕ ಅಥವಾ ಆಂತರಿಕ ಸಾಲ ಪಡೆದು ನಿಯಮಿತವಾಗಿ ಸಾಲ ಮರು ಪಾವತಿ ಮಾಡಿರಬೇಕು. ಹೆಚ್ಚಿನ ಮಾಹಿತಿಗಾಗಿ ನಗರದ ಗಡಿಗಿ ಚೆನ್ನಪ್ಪ ವೃತ್ತದ ಬಳಿಯ ಮಹಾನಗರ ಪಾಲಿಕೆ ಕಚೇರಿಗೆ ಸಂಪರ್ಕಿಸಬಹುದು ಎಂದು ಪಾಲಿಕೆ ಆಯುಕ್ತರು ತಿಳಿಸಿದ್ದಾರೆ.
